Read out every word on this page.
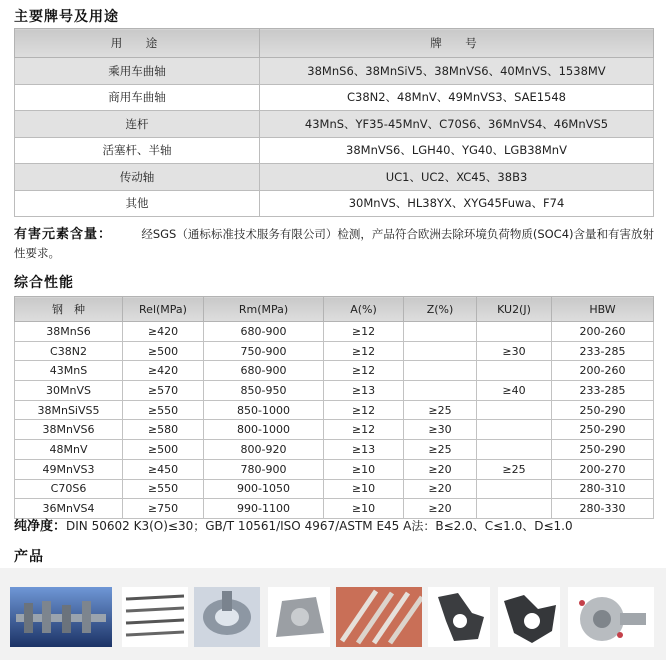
主要牌号及用途
用　途	牌　号
乘用车曲轴	38MnS6、38MnSiV5、38MnVS6、40MnVS、1538MV
商用车曲轴	C38N2、48MnV、49MnVS3、SAE1548
连杆	43MnS、YF35-45MnV、C70S6、36MnVS4、46MnVS5
活塞杆、半轴	38MnVS6、LGH40、YG40、LGB38MnV
传动轴	UC1、UC2、XC45、38B3
其他	30MnVS、HL38YX、XYG45Fuwa、F74
有害元素含量：	经SGS（通标标准技术服务有限公司）检测，产品符合欧洲去除环境负荷物质(SOC4)含量和有害放射性要求。
综合性能
钢　种	Rel(MPa)	Rm(MPa)	A(%)	Z(%)	KU2(J)	HBW
38MnS6	≥420	680-900	≥12			200-260
C38N2	≥500	750-900	≥12		≥30	233-285
43MnS	≥420	680-900	≥12			200-260
30MnVS	≥570	850-950	≥13		≥40	233-285
38MnSiVS5	≥550	850-1000	≥12	≥25		250-290
38MnVS6	≥580	800-1000	≥12	≥30		250-290
48MnV	≥500	800-920	≥13	≥25		250-290
49MnVS3	≥450	780-900	≥10	≥20	≥25	200-270
C70S6	≥550	900-1050	≥10	≥20		280-310
36MnVS4	≥750	990-1100	≥10	≥20		280-330
纯净度：DIN 50602 K3(O)≤30；GB/T 10561/ISO 4967/ASTM E45 A法：B≤2.0、C≤1.0、D≤1.0
产品
